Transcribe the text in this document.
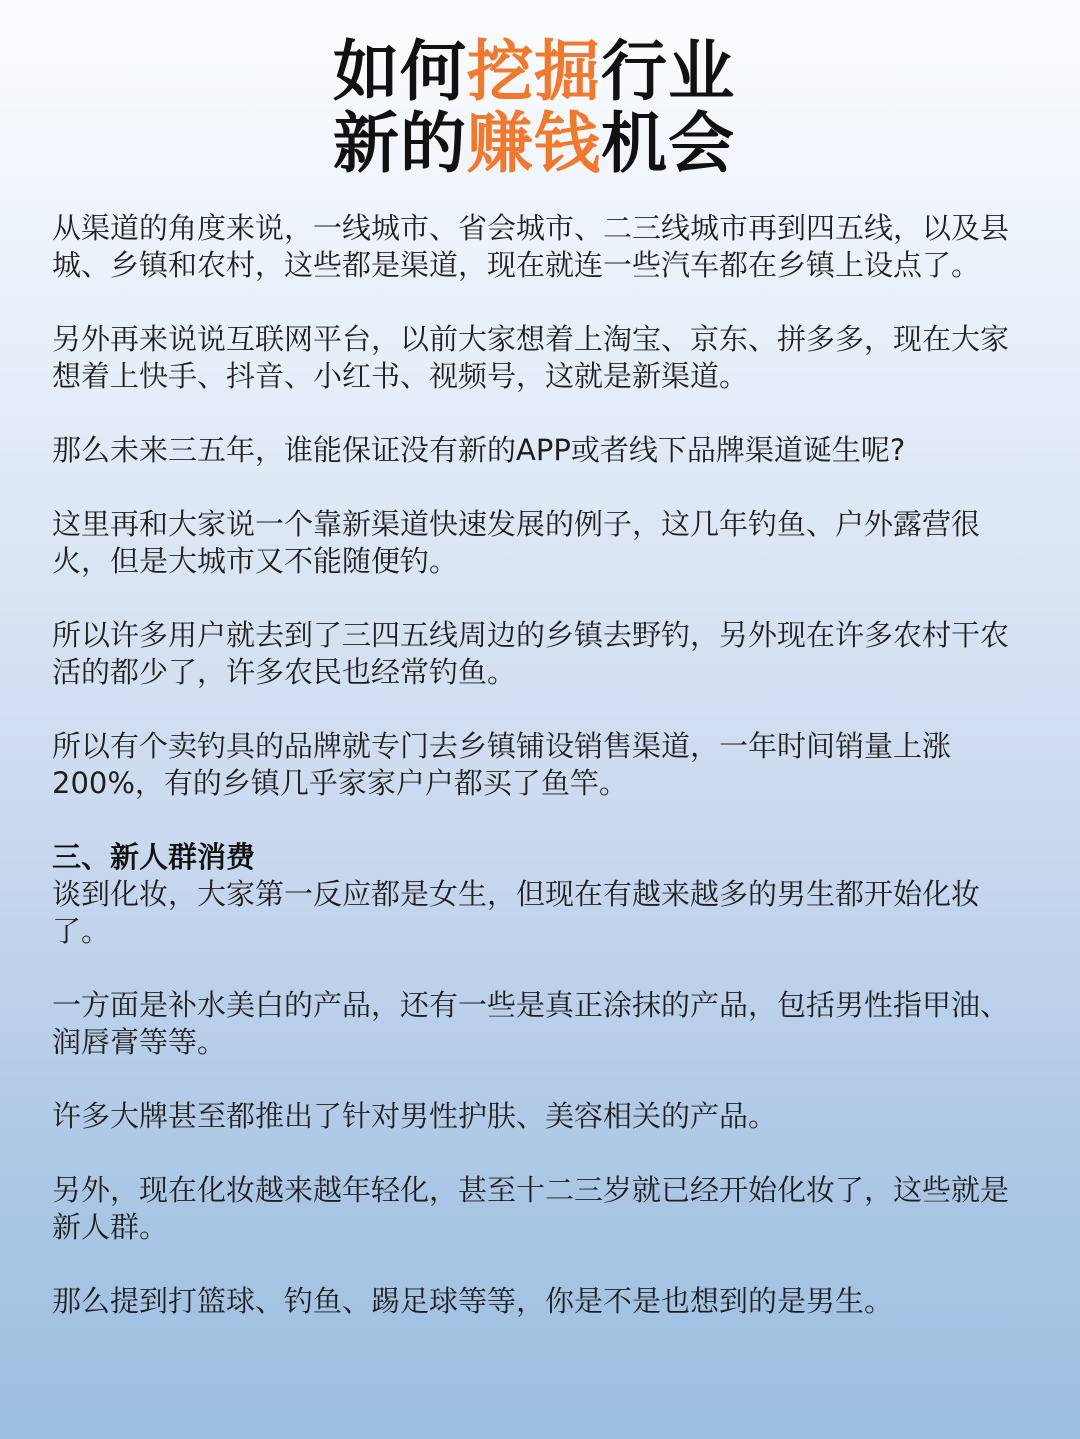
如何挖掘行业
新的赚钱机会

从渠道的角度来说，一线城市、省会城市、二三线城市再到四五线，以及县城、乡镇和农村，这些都是渠道，现在就连一些汽车都在乡镇上设点了。

另外再来说说互联网平台，以前大家想着上淘宝、京东、拼多多，现在大家想着上快手、抖音、小红书、视频号，这就是新渠道。

那么未来三五年，谁能保证没有新的APP或者线下品牌渠道诞生呢?

这里再和大家说一个靠新渠道快速发展的例子，这几年钓鱼、户外露营很火，但是大城市又不能随便钓。

所以许多用户就去到了三四五线周边的乡镇去野钓，另外现在许多农村干农活的都少了，许多农民也经常钓鱼。

所以有个卖钓具的品牌就专门去乡镇铺设销售渠道，一年时间销量上涨200%，有的乡镇几乎家家户户都买了鱼竿。

三、新人群消费

谈到化妆，大家第一反应都是女生，但现在有越来越多的男生都开始化妆了。

一方面是补水美白的产品，还有一些是真正涂抹的产品，包括男性指甲油、润唇膏等等。

许多大牌甚至都推出了针对男性护肤、美容相关的产品。

另外，现在化妆越来越年轻化，甚至十二三岁就已经开始化妆了，这些就是新人群。

那么提到打篮球、钓鱼、踢足球等等，你是不是也想到的是男生。
